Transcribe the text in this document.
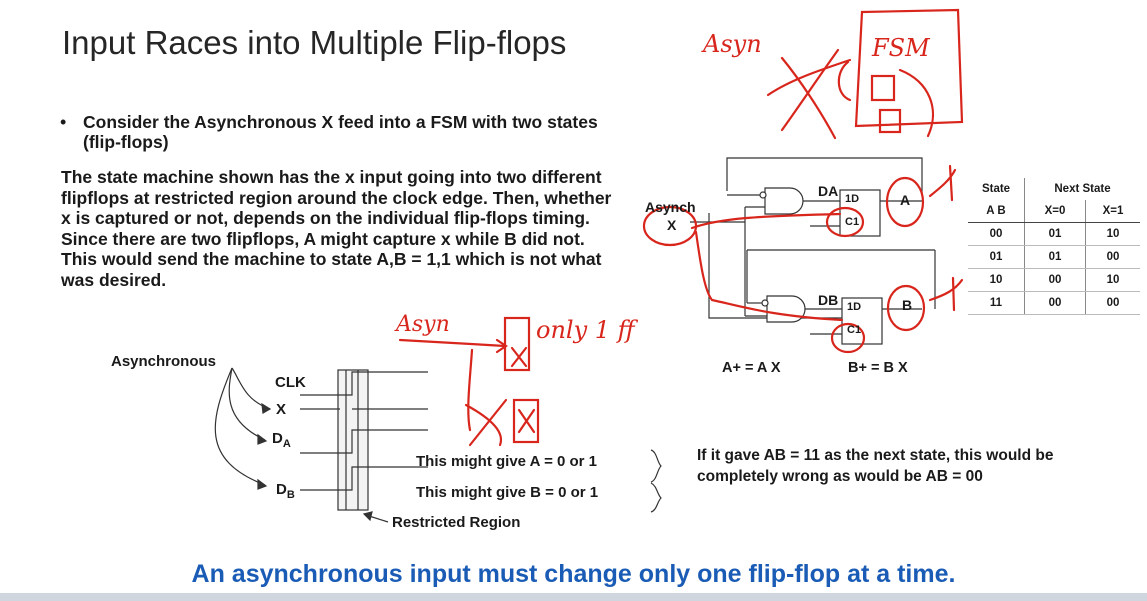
Input Races into Multiple Flip-flops
• Consider the Asynchronous X feed into a FSM with two states (flip-flops)
The state machine shown has the x input going into two different flipflops at restricted region around the clock edge. Then, whether x is captured or not, depends on the individual flip-flops timing. Since there are two flipflops, A might capture x while B did not. This would send the machine to state A,B = 1,1 which is not what was desired.
Asynch
X
DA
DB
1D
C1
1D
C1
A
B
A+ = A X	B+ = B X
State	Next State	
A B	X=0	X=1
00	01	10
01	01	00
10	00	10
11	00	00
Asynchronous
CLK
X
$D_A$
$D_B$
This might give A = 0 or 1
This might give B = 0 or 1
Restricted Region
If it gave AB = 11 as the next state, this would be completely wrong as would be AB = 00
Asyn	FSM
Asyn	only 1 ff
An asynchronous input must change only one flip-flop at a time.
